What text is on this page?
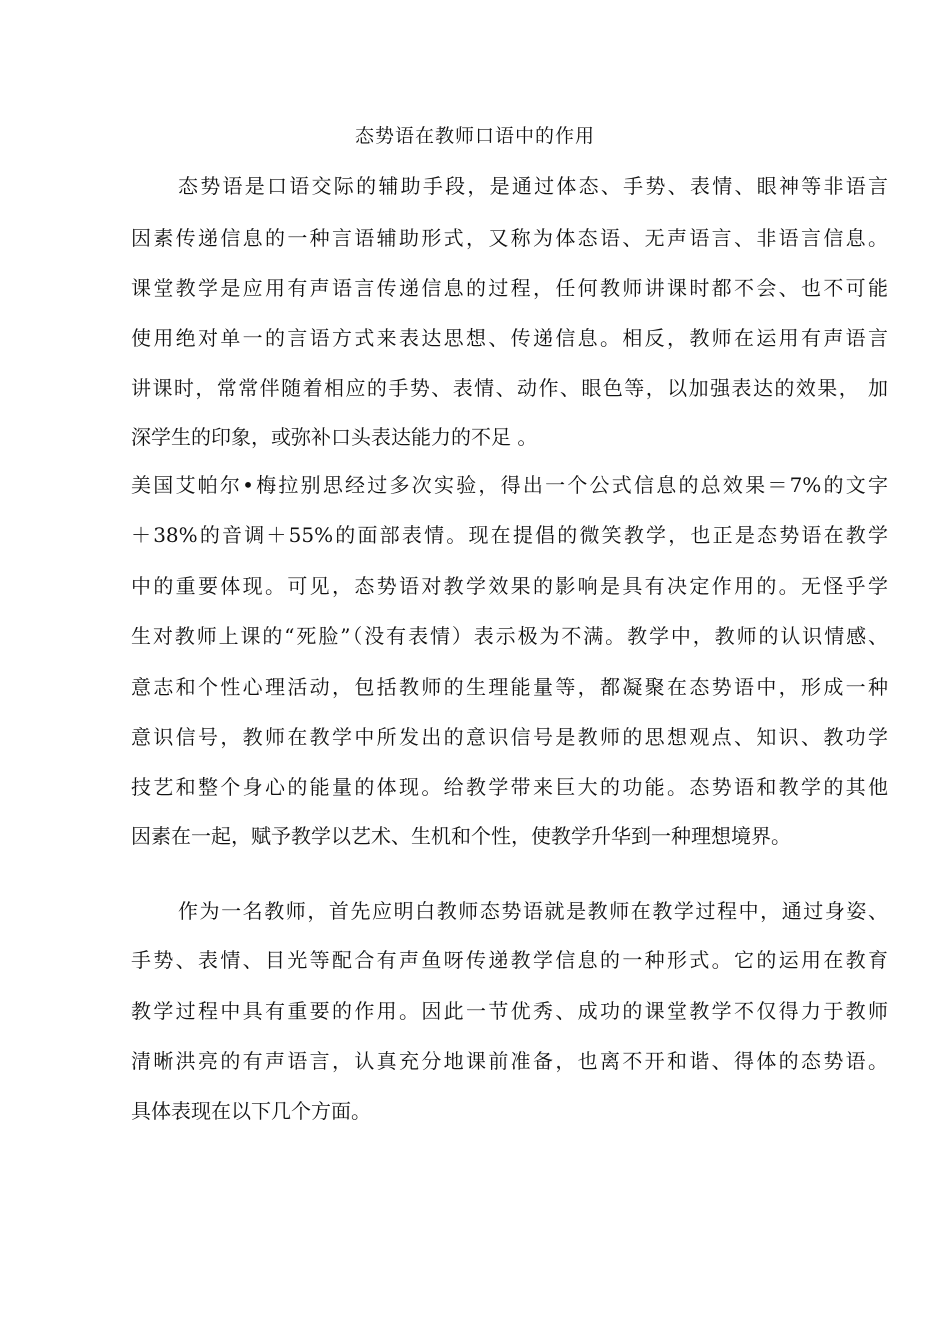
态势语在教师口语中的作用
态势语是口语交际的辅助手段，是通过体态、手势、表情、眼神等非语言
因素传递信息的一种言语辅助形式，又称为体态语、无声语言、非语言信息。
课堂教学是应用有声语言传递信息的过程，任何教师讲课时都不会、也不可能
使用绝对单一的言语方式来表达思想、传递信息。相反，教师在运用有声语言
讲课时，常常伴随着相应的手势、表情、动作、眼色等，以加强表达的效果， 加
深学生的印象，或弥补口头表达能力的不足 。
美国艾帕尔•梅拉别思经过多次实验，得出一个公式信息的总效果＝7%的文字
＋38%的音调＋55%的面部表情。现在提倡的微笑教学，也正是态势语在教学
中的重要体现。可见，态势语对教学效果的影响是具有决定作用的。无怪乎学
生对教师上课的“死脸”（没有表情）表示极为不满。教学中，教师的认识情感、
意志和个性心理活动，包括教师的生理能量等，都凝聚在态势语中，形成一种
意识信号，教师在教学中所发出的意识信号是教师的思想观点、知识、教功学
技艺和整个身心的能量的体现。给教学带来巨大的功能。态势语和教学的其他
因素在一起，赋予教学以艺术、生机和个性，使教学升华到一种理想境界。
作为一名教师，首先应明白教师态势语就是教师在教学过程中，通过身姿、
手势、表情、目光等配合有声鱼呀传递教学信息的一种形式。它的运用在教育
教学过程中具有重要的作用。因此一节优秀、成功的课堂教学不仅得力于教师
清晰洪亮的有声语言，认真充分地课前准备，也离不开和谐、得体的态势语。
具体表现在以下几个方面。
